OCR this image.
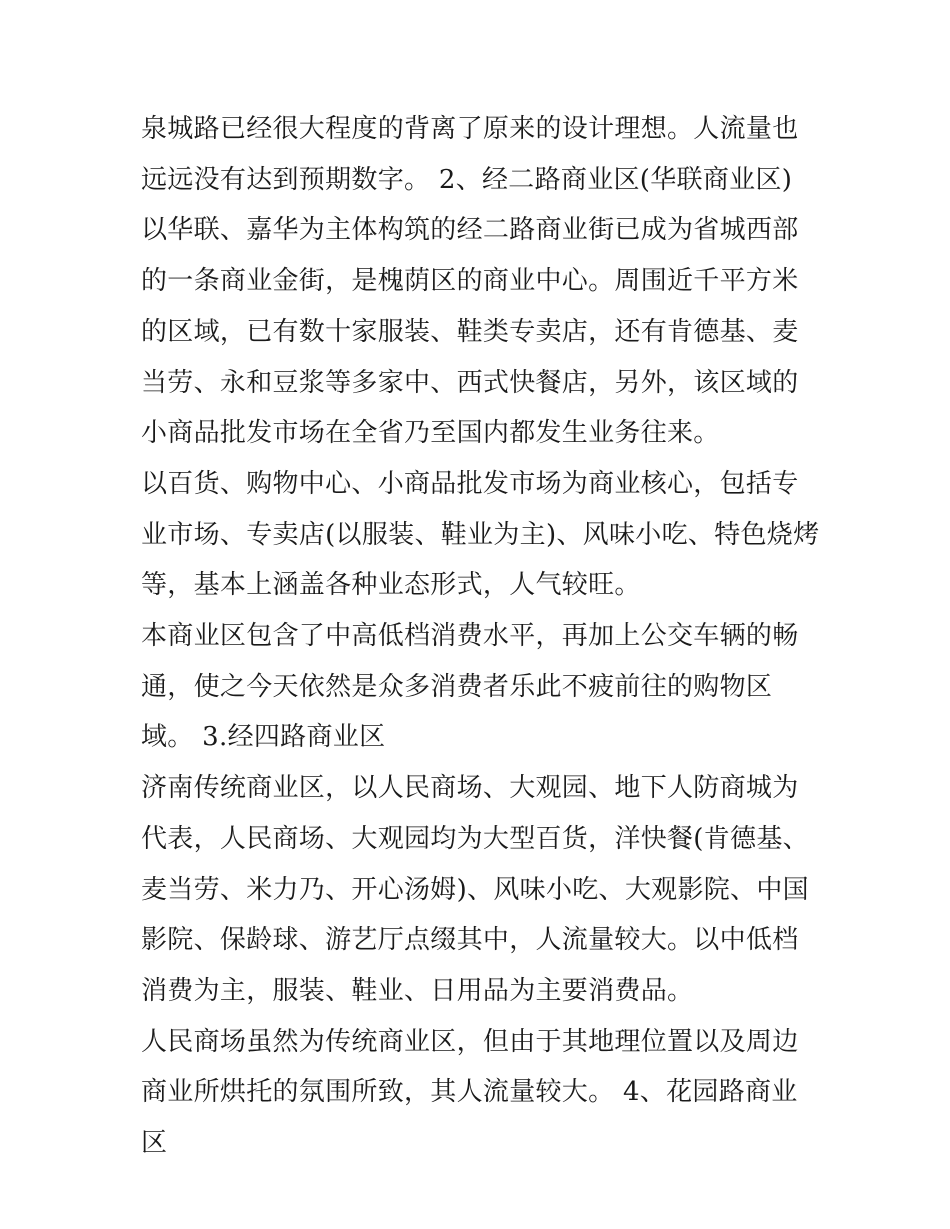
泉城路已经很大程度的背离了原来的设计理想。人流量也远远没有达到预期数字。 2、经二路商业区(华联商业区)

以华联、嘉华为主体构筑的经二路商业街已成为省城西部的一条商业金街，是槐荫区的商业中心。周围近千平方米的区域，已有数十家服装、鞋类专卖店，还有肯德基、麦当劳、永和豆浆等多家中、西式快餐店，另外，该区域的小商品批发市场在全省乃至国内都发生业务往来。

以百货、购物中心、小商品批发市场为商业核心，包括专业市场、专卖店(以服装、鞋业为主)、风味小吃、特色烧烤等，基本上涵盖各种业态形式，人气较旺。

本商业区包含了中高低档消费水平，再加上公交车辆的畅通，使之今天依然是众多消费者乐此不疲前往的购物区域。 3.经四路商业区

济南传统商业区，以人民商场、大观园、地下人防商城为代表，人民商场、大观园均为大型百货，洋快餐(肯德基、麦当劳、米力乃、开心汤姆)、风味小吃、大观影院、中国影院、保龄球、游艺厅点缀其中，人流量较大。以中低档消费为主，服装、鞋业、日用品为主要消费品。

人民商场虽然为传统商业区，但由于其地理位置以及周边商业所烘托的氛围所致，其人流量较大。 4、花园路商业区
